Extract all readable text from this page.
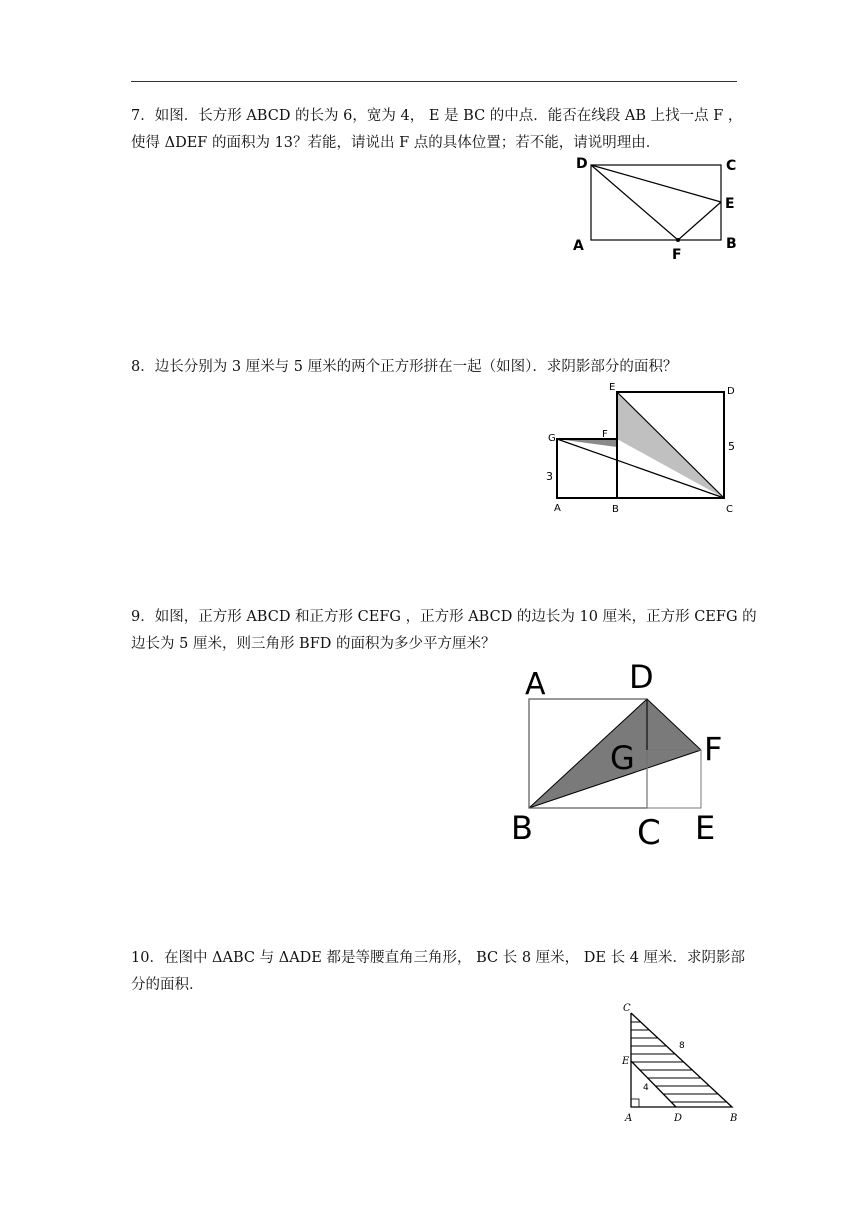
7．如图．长方形 ABCD 的长为 6，宽为 4， E 是 BC 的中点．能否在线段 AB 上找一点 F ，

使得 ΔDEF 的面积为 13？若能，请说出 F 点的具体位置；若不能，请说明理由．

D	C
E
A
F
B

8．边长分别为 3 厘米与 5 厘米的两个正方形拼在一起（如图）．求阴影部分的面积？

E	D
G	F
3
5
A	B	C

9．如图，正方形 ABCD 和正方形 CEFG ，正方形 ABCD 的边长为 10 厘米，正方形 CEFG 的

边长为 5 厘米，则三角形 BFD 的面积为多少平方厘米？

A	D
G F
B	C E

10．在图中 ΔABC 与 ΔADE 都是等腰直角三角形， BC 长 8 厘米， DE 长 4 厘米．求阴影部

分的面积．

C
E
A	D	B
8
4
